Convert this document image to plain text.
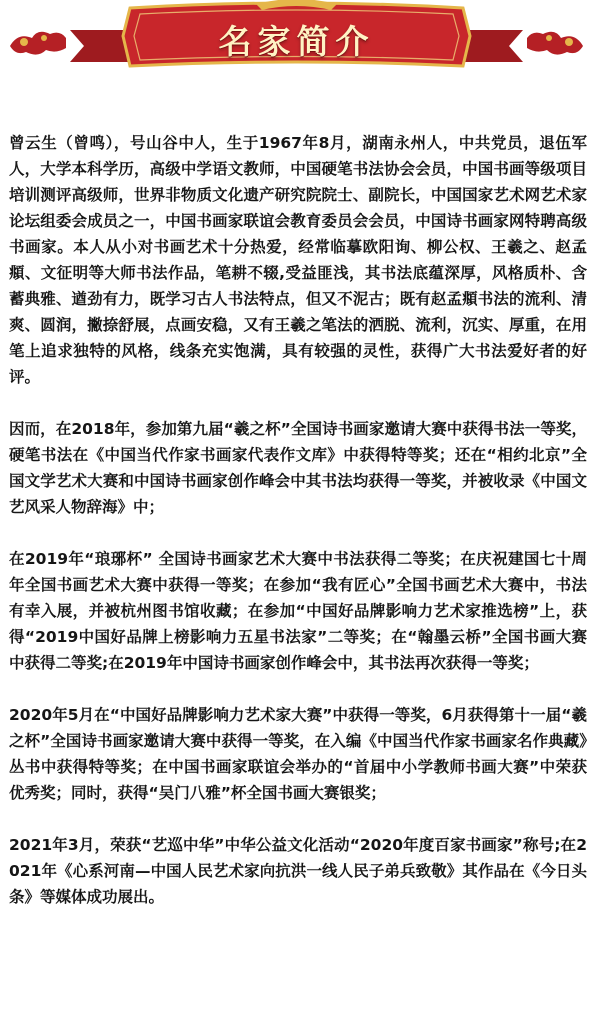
名家简介

曾云生（曾鸣），号山谷中人，生于1967年8月，湖南永州人，中共党员，退伍军人，大学本科学历，高级中学语文教师，中国硬笔书法协会会员，中国书画等级项目培训测评高级师，世界非物质文化遗产研究院院士、副院长，中国国家艺术网艺术家论坛组委会成员之一，中国书画家联谊会教育委员会会员，中国诗书画家网特聘高级书画家。本人从小对书画艺术十分热爱，经常临摹欧阳询、柳公权、王羲之、赵孟頫、文征明等大师书法作品，笔耕不辍,受益匪浅，其书法底蕴深厚，风格质朴、含蓄典雅、遒劲有力，既学习古人书法特点，但又不泥古；既有赵孟頫书法的流利、清爽、圆润，撇捺舒展，点画安稳，又有王羲之笔法的洒脱、流利，沉实、厚重，在用笔上追求独特的风格，线条充实饱满，具有较强的灵性，获得广大书法爱好者的好评。

因而，在2018年，参加第九届“羲之杯”全国诗书画家邀请大赛中获得书法一等奖，硬笔书法在《中国当代作家书画家代表作文库》中获得特等奖；还在“相约北京”全国文学艺术大赛和中国诗书画家创作峰会中其书法均获得一等奖，并被收录《中国文艺风采人物辞海》中；

在2019年“琅琊杯” 全国诗书画家艺术大赛中书法获得二等奖；在庆祝建国七十周年全国书画艺术大赛中获得一等奖；在参加“我有匠心”全国书画艺术大赛中，书法有幸入展，并被杭州图书馆收藏；在参加“中国好品牌影响力艺术家推选榜”上，获得“2019中国好品牌上榜影响力五星书法家”二等奖；在“翰墨云桥”全国书画大赛中获得二等奖;在2019年中国诗书画家创作峰会中，其书法再次获得一等奖；

2020年5月在“中国好品牌影响力艺术家大赛”中获得一等奖，6月获得第十一届“羲之杯”全国诗书画家邀请大赛中获得一等奖，在入编《中国当代作家书画家名作典藏》丛书中获得特等奖；在中国书画家联谊会举办的“首届中小学教师书画大赛”中荣获优秀奖；同时，获得“吴门八雅”杯全国书画大赛银奖；

2021年3月，荣获“艺巡中华”中华公益文化活动“2020年度百家书画家”称号;在2021年《心系河南—中国人民艺术家向抗洪一线人民子弟兵致敬》其作品在《今日头条》等媒体成功展出。
